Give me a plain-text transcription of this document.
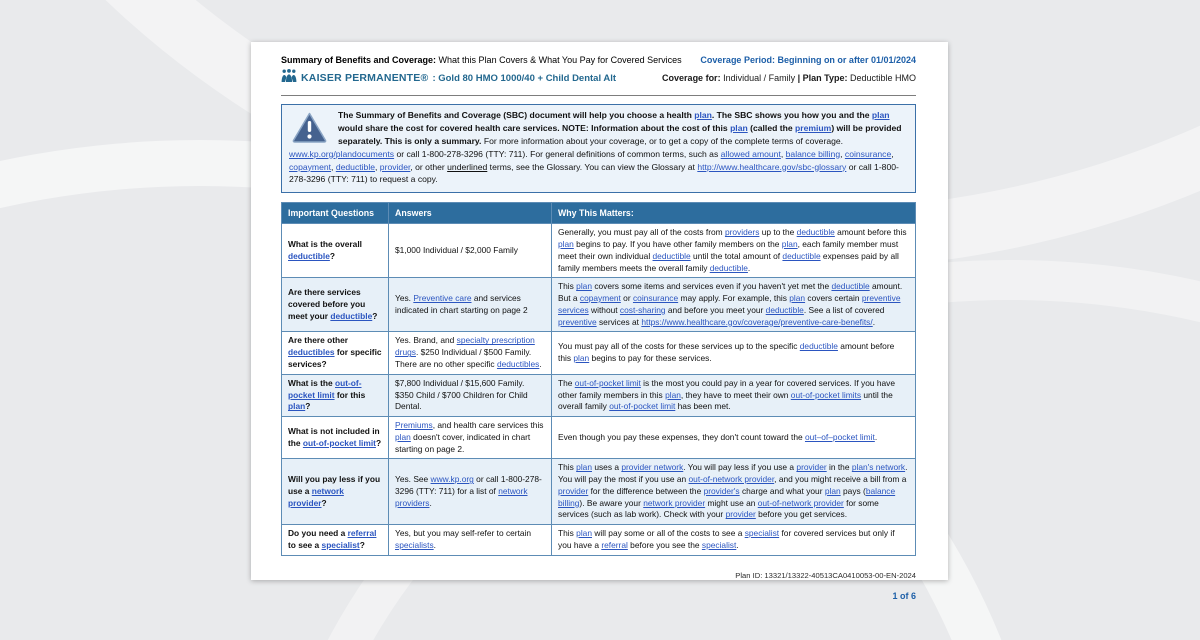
Summary of Benefits and Coverage: What this Plan Covers & What You Pay for Covered Services Coverage Period: Beginning on or after 01/01/2024
KAISER PERMANENTE® : Gold 80 HMO 1000/40 + Child Dental Alt	Coverage for: Individual / Family | Plan Type: Deductible HMO
The Summary of Benefits and Coverage (SBC) document will help you choose a health plan. The SBC shows you how you and the plan would share the cost for covered health care services. NOTE: Information about the cost of this plan (called the premium) will be provided separately. This is only a summary. For more information about your coverage, or to get a copy of the complete terms of coverage. www.kp.org/plandocuments or call 1-800-278-3296 (TTY: 711). For general definitions of common terms, such as allowed amount, balance billing, coinsurance, copayment, deductible, provider, or other underlined terms, see the Glossary. You can view the Glossary at http://www.healthcare.gov/sbc-glossary or call 1-800-278-3296 (TTY: 711) to request a copy.
Important Questions	Answers	Why This Matters:
What is the overall deductible?	$1,000 Individual / $2,000 Family	Generally, you must pay all of the costs from providers up to the deductible amount before this plan begins to pay. If you have other family members on the plan, each family member must meet their own individual deductible until the total amount of deductible expenses paid by all family members meets the overall family deductible.
Are there services covered before you meet your deductible?	Yes. Preventive care and services indicated in chart starting on page 2	This plan covers some items and services even if you haven't yet met the deductible amount. But a copayment or coinsurance may apply. For example, this plan covers certain preventive services without cost-sharing and before you meet your deductible. See a list of covered preventive services at https://www.healthcare.gov/coverage/preventive-care-benefits/.
Are there other deductibles for specific services?	Yes. Brand, and specialty prescription drugs. $250 Individual / $500 Family. There are no other specific deductibles.	You must pay all of the costs for these services up to the specific deductible amount before this plan begins to pay for these services.
What is the out-of-pocket limit for this plan?	$7,800 Individual / $15,600 Family. $350 Child / $700 Children for Child Dental.	The out-of-pocket limit is the most you could pay in a year for covered services. If you have other family members in this plan, they have to meet their own out-of-pocket limits until the overall family out-of-pocket limit has been met.
What is not included in the out-of-pocket limit?	Premiums, and health care services this plan doesn't cover, indicated in chart starting on page 2.	Even though you pay these expenses, they don't count toward the out–of–pocket limit.
Will you pay less if you use a network provider?	Yes. See www.kp.org or call 1-800-278-3296 (TTY: 711) for a list of network providers.	This plan uses a provider network. You will pay less if you use a provider in the plan's network. You will pay the most if you use an out-of-network provider, and you might receive a bill from a provider for the difference between the provider's charge and what your plan pays (balance billing). Be aware your network provider might use an out-of-network provider for some services (such as lab work). Check with your provider before you get services.
Do you need a referral to see a specialist?	Yes, but you may self-refer to certain specialists.	This plan will pay some or all of the costs to see a specialist for covered services but only if you have a referral before you see the specialist.
Plan ID: 13321/13322-40513CA0410053-00-EN-2024
1 of 6
